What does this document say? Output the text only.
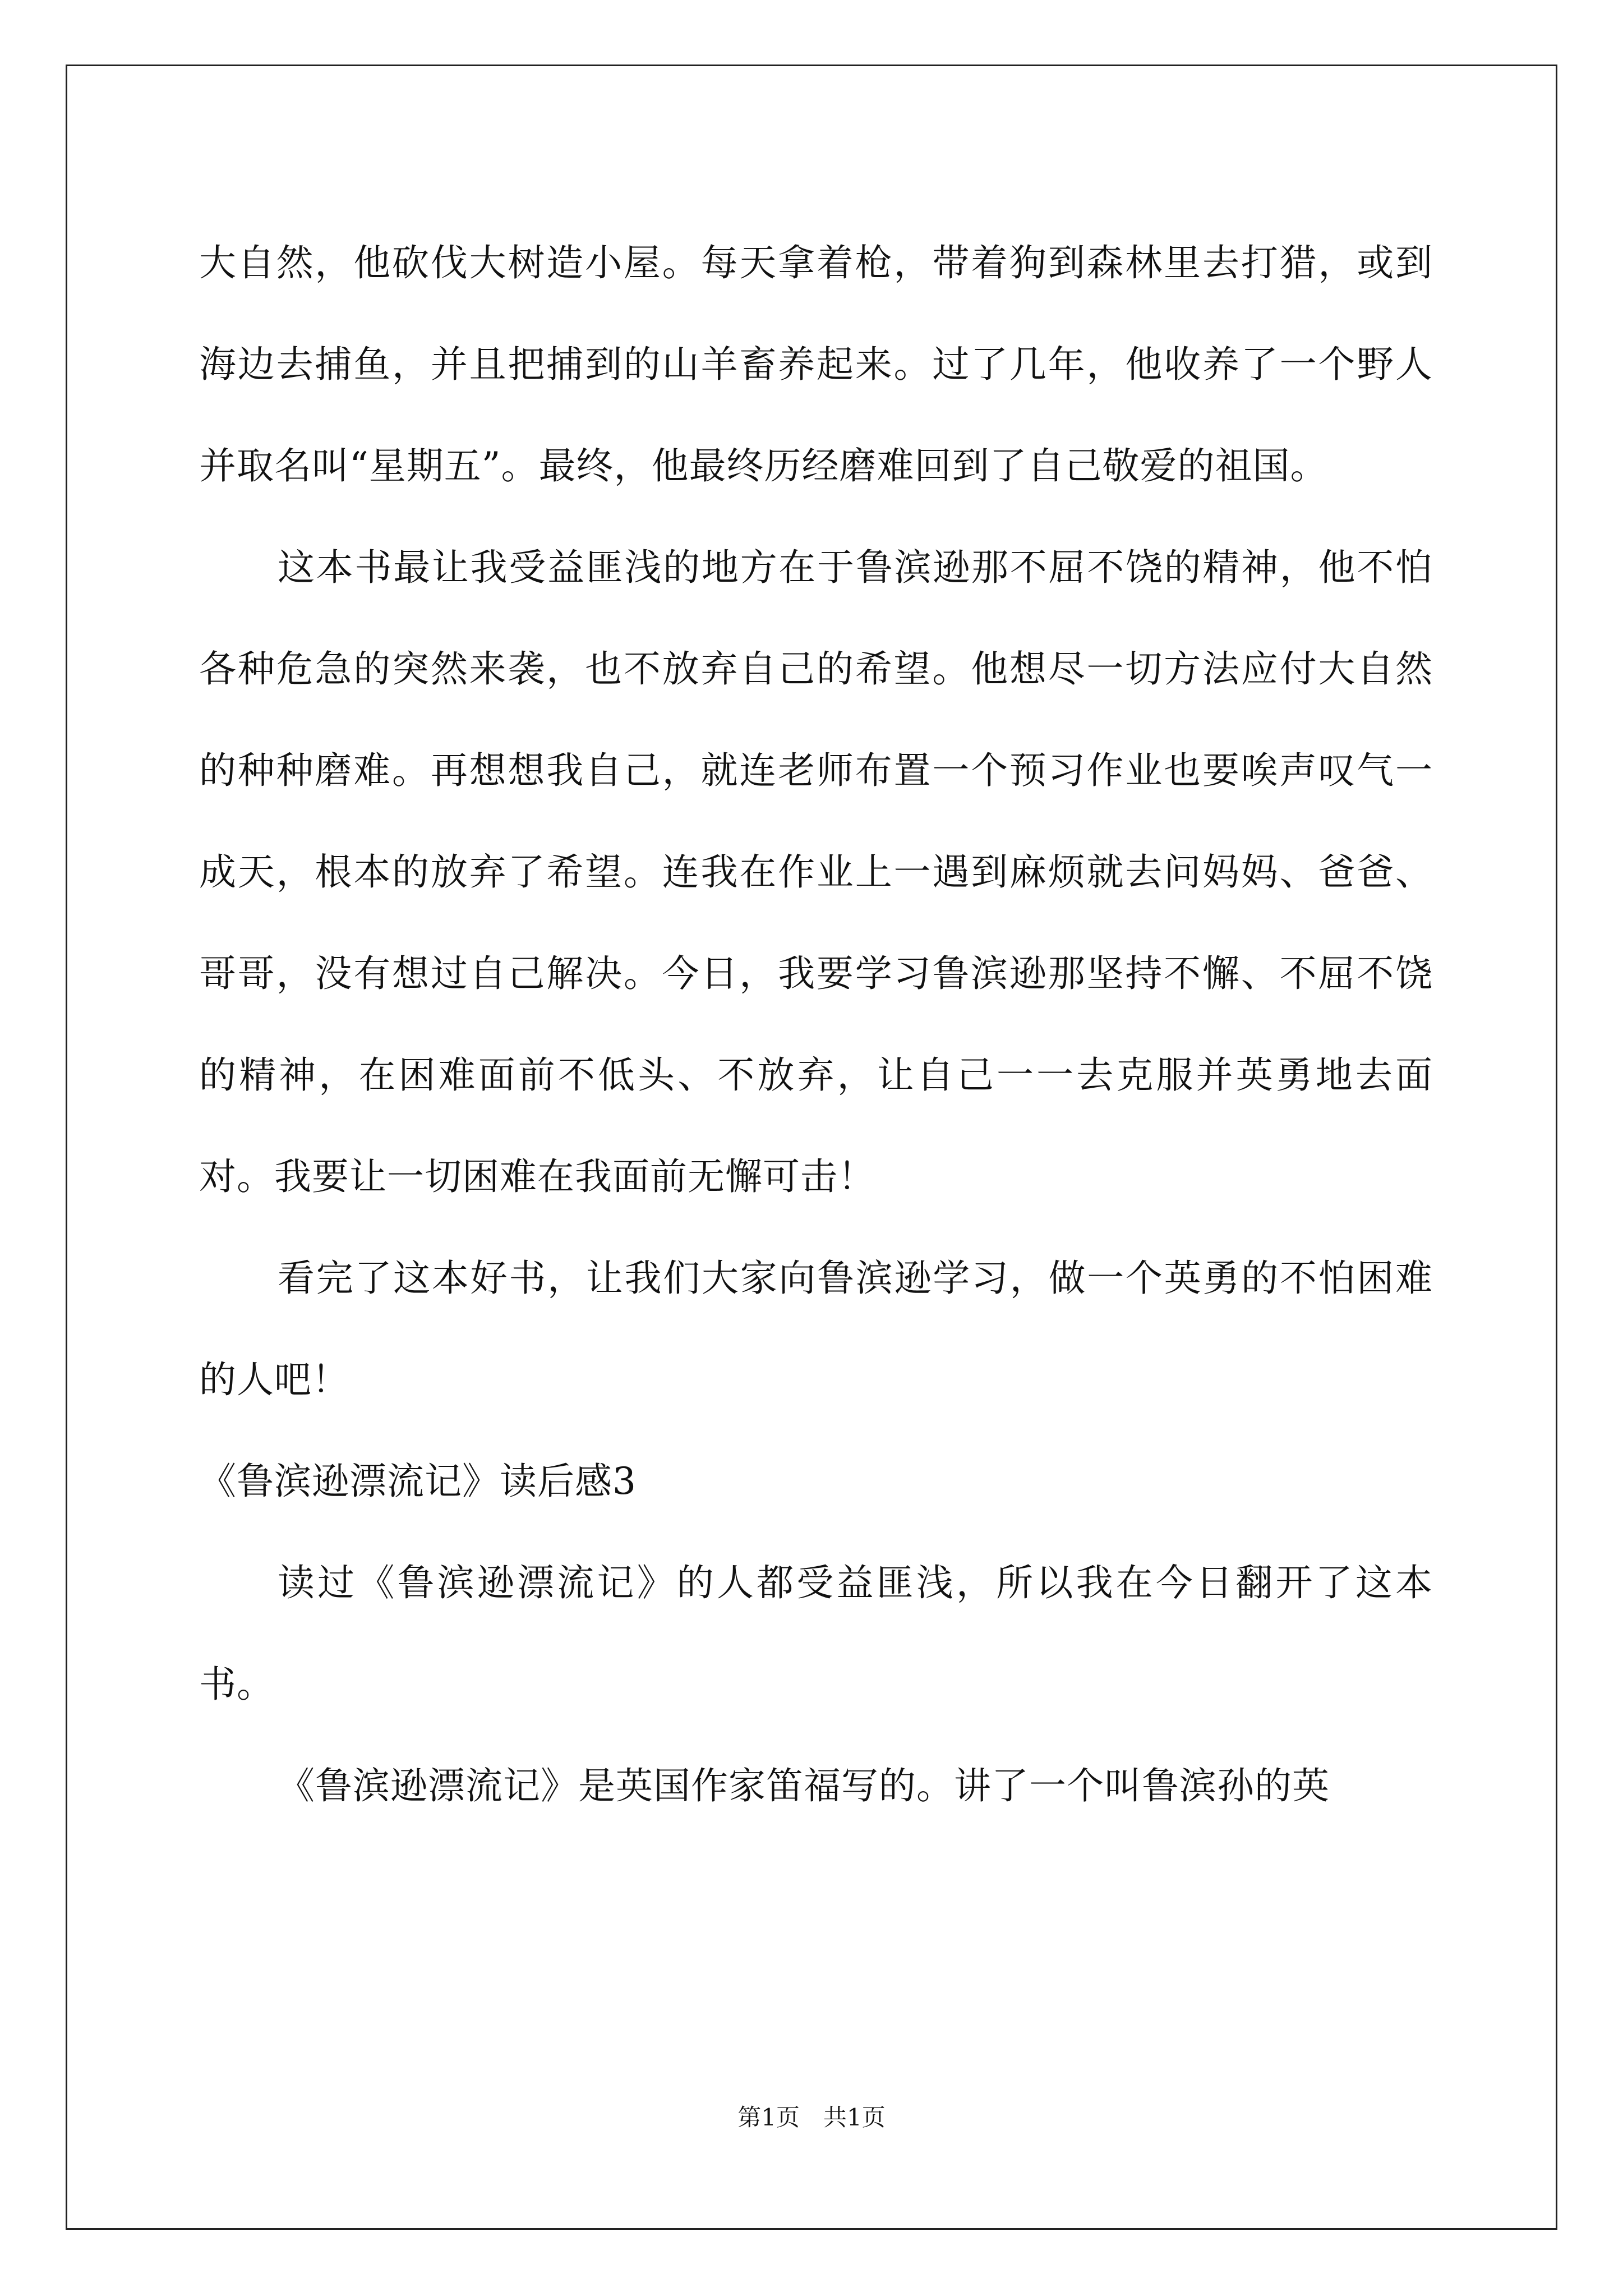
大自然，他砍伐大树造小屋。每天拿着枪，带着狗到森林里去打猎，或到海边去捕鱼，并且把捕到的山羊畜养起来。过了几年，他收养了一个野人并取名叫“星期五”。最终，他最终历经磨难回到了自己敬爱的祖国。

这本书最让我受益匪浅的地方在于鲁滨逊那不屈不饶的精神，他不怕各种危急的突然来袭，也不放弃自己的希望。他想尽一切方法应付大自然的种种磨难。再想想我自己，就连老师布置一个预习作业也要唉声叹气一成天，根本的放弃了希望。连我在作业上一遇到麻烦就去问妈妈、爸爸、哥哥，没有想过自己解决。今日，我要学习鲁滨逊那坚持不懈、不屈不饶的精神，在困难面前不低头、不放弃，让自己一一去克服并英勇地去面对。我要让一切困难在我面前无懈可击！

看完了这本好书，让我们大家向鲁滨逊学习，做一个英勇的不怕困难的人吧！

《鲁滨逊漂流记》读后感3

读过《鲁滨逊漂流记》的人都受益匪浅，所以我在今日翻开了这本书。

《鲁滨逊漂流记》是英国作家笛福写的。讲了一个叫鲁滨孙的英

第1页　共1页
